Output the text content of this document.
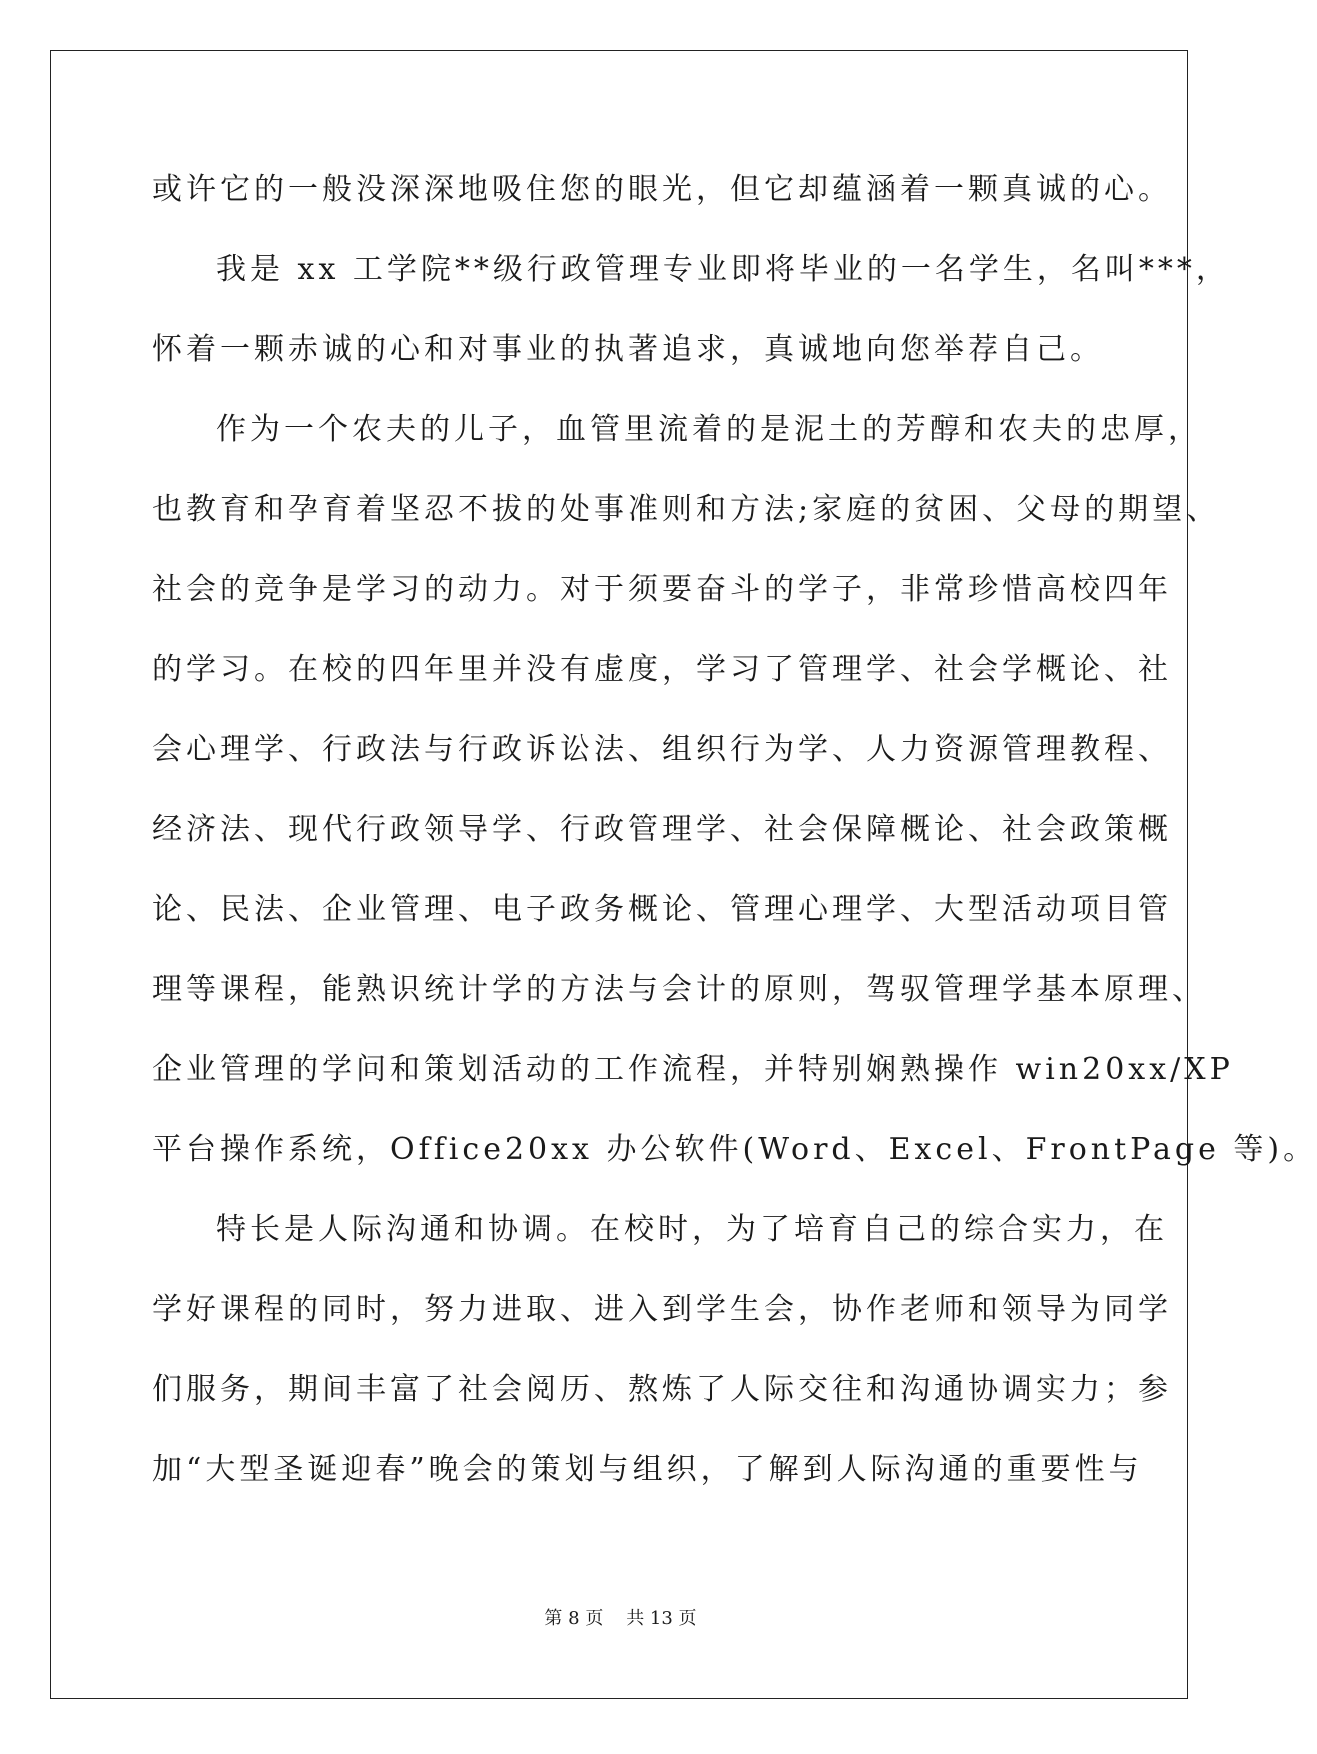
或许它的一般没深深地吸住您的眼光，但它却蕴涵着一颗真诚的心。
我是 xx 工学院**级行政管理专业即将毕业的一名学生，名叫***，
怀着一颗赤诚的心和对事业的执著追求，真诚地向您举荐自己。
作为一个农夫的儿子，血管里流着的是泥土的芳醇和农夫的忠厚，
也教育和孕育着坚忍不拔的处事准则和方法;家庭的贫困、父母的期望、
社会的竞争是学习的动力。对于须要奋斗的学子，非常珍惜高校四年
的学习。在校的四年里并没有虚度，学习了管理学、社会学概论、社
会心理学、行政法与行政诉讼法、组织行为学、人力资源管理教程、
经济法、现代行政领导学、行政管理学、社会保障概论、社会政策概
论、民法、企业管理、电子政务概论、管理心理学、大型活动项目管
理等课程，能熟识统计学的方法与会计的原则，驾驭管理学基本原理、
企业管理的学问和策划活动的工作流程，并特别娴熟操作 win20xx/XP
平台操作系统，Office20xx 办公软件(Word、Excel、FrontPage 等)。
特长是人际沟通和协调。在校时，为了培育自己的综合实力，在
学好课程的同时，努力进取、进入到学生会，协作老师和领导为同学
们服务，期间丰富了社会阅历、熬炼了人际交往和沟通协调实力；参
加“大型圣诞迎春”晚会的策划与组织，了解到人际沟通的重要性与
第 8 页    共 13 页
